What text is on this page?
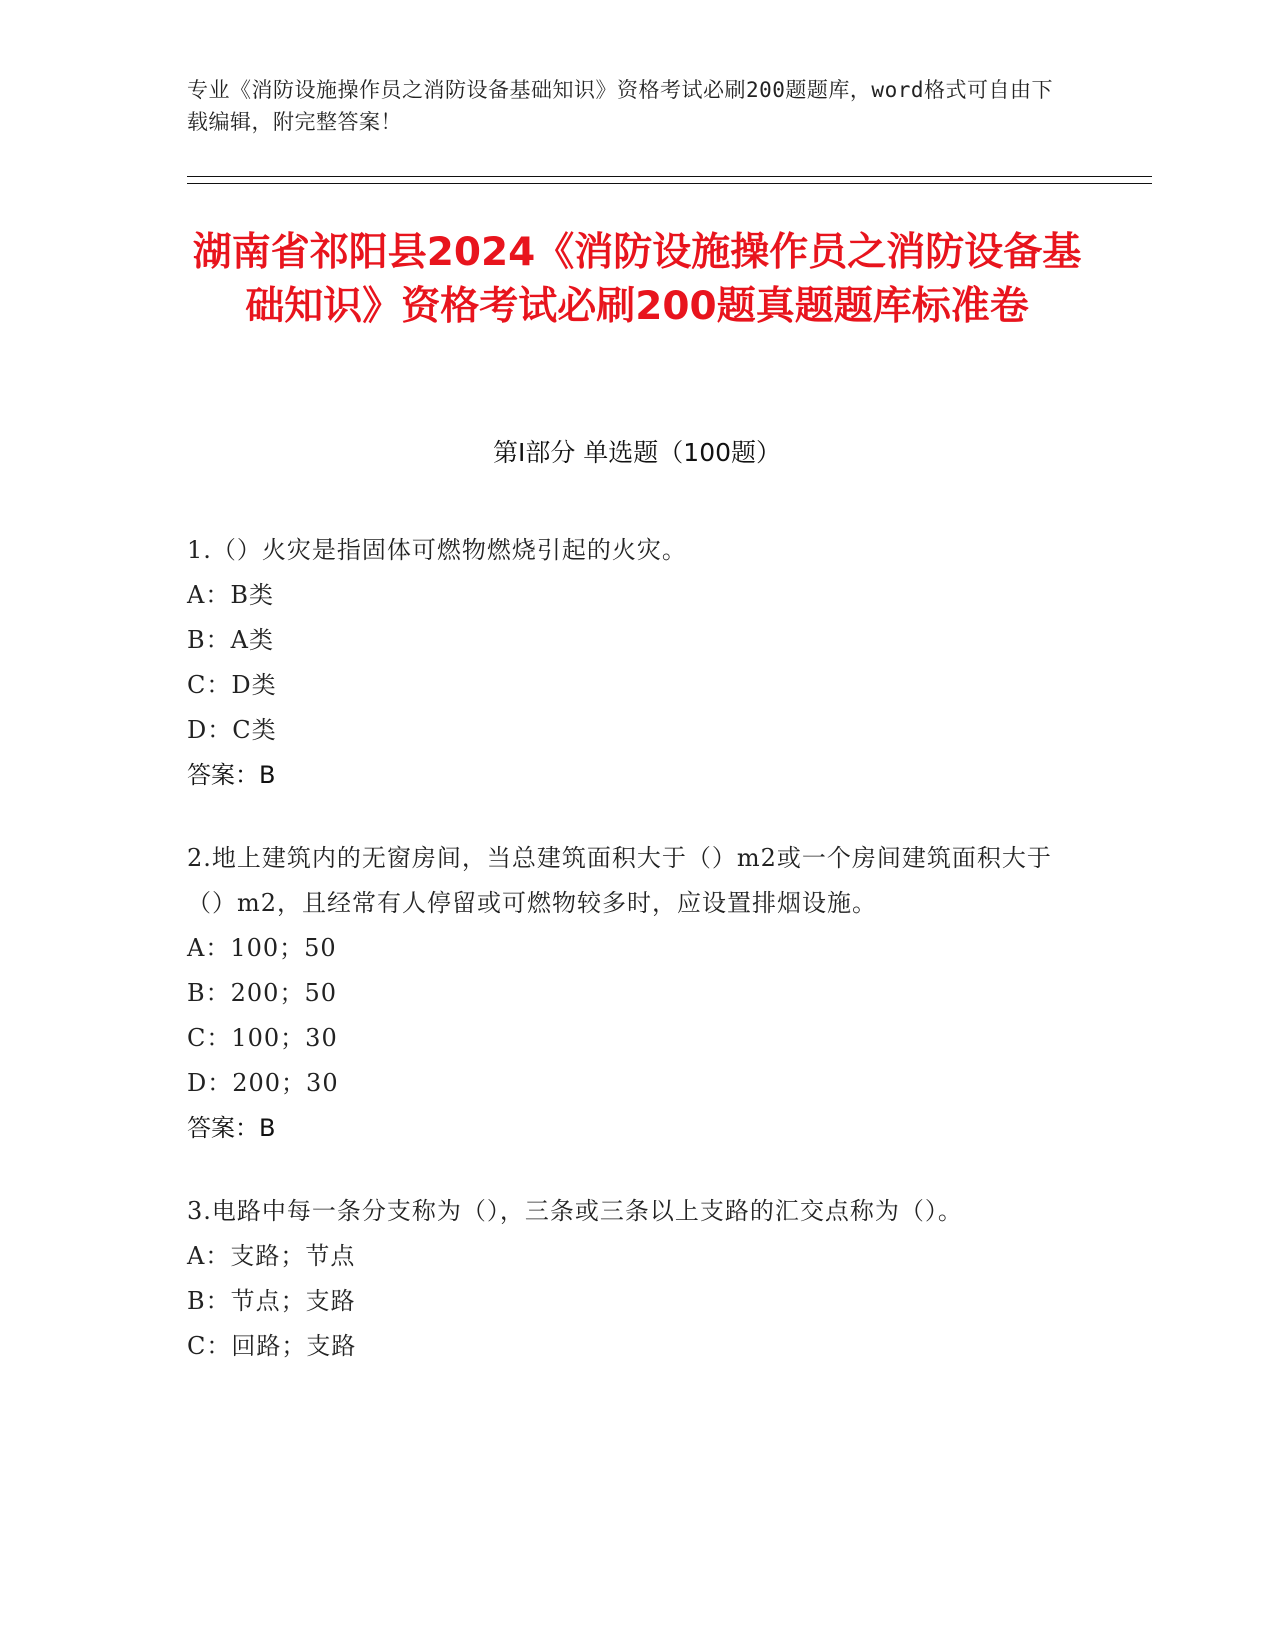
专业《消防设施操作员之消防设备基础知识》资格考试必刷200题题库，word格式可自由下载编辑，附完整答案！
湖南省祁阳县2024《消防设施操作员之消防设备基础知识》资格考试必刷200题真题题库标准卷
第Ⅰ部分 单选题（100题）
1.（）火灾是指固体可燃物燃烧引起的火灾。
A：B类
B：A类
C：D类
D：C类
答案：B
2.地上建筑内的无窗房间，当总建筑面积大于（）m2或一个房间建筑面积大于（）m2，且经常有人停留或可燃物较多时，应设置排烟设施。
A：100；50
B：200；50
C：100；30
D：200；30
答案：B
3.电路中每一条分支称为（），三条或三条以上支路的汇交点称为（）。
A：支路；节点
B：节点；支路
C：回路；支路
